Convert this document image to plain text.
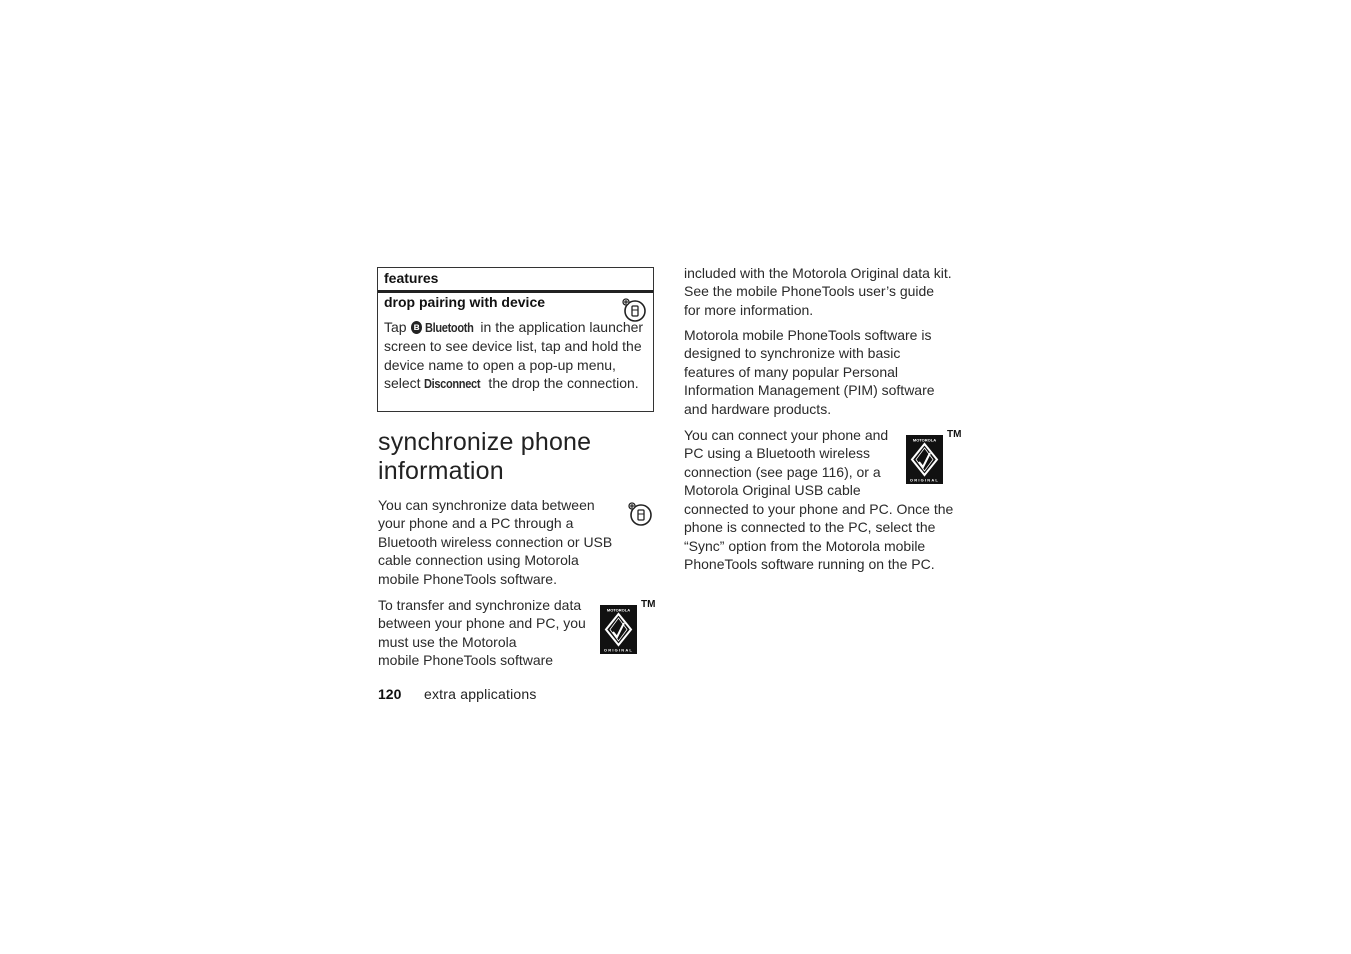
features
drop pairing with device
Tap ʙBluetooth in the application launcher screen to see device list, tap and hold the device name to open a pop-up menu, select Disconnect the drop the connection.
synchronize phone information
You can synchronize data between your phone and a PC through a Bluetooth wireless connection or USB cable connection using Motorola mobile PhoneTools software.
To transfer and synchronize data
between your phone and PC, you
must use the Motorola
mobile PhoneTools software
MOTOROLA
ORIGINAL
TM
included with the Motorola Original data kit. See the mobile PhoneTools user’s guide for more information.
Motorola mobile PhoneTools software is designed to synchronize with basic features of many popular Personal Information Management (PIM) software and hardware products.
You can connect your phone and
PC using a Bluetooth wireless
connection (see page 116), or a
Motorola Original USB cable
connected to your phone and PC. Once the phone is connected to the PC, select the “Sync” option from the Motorola mobile PhoneTools software running on the PC.
MOTOROLA
ORIGINAL
TM
120 extra applications
